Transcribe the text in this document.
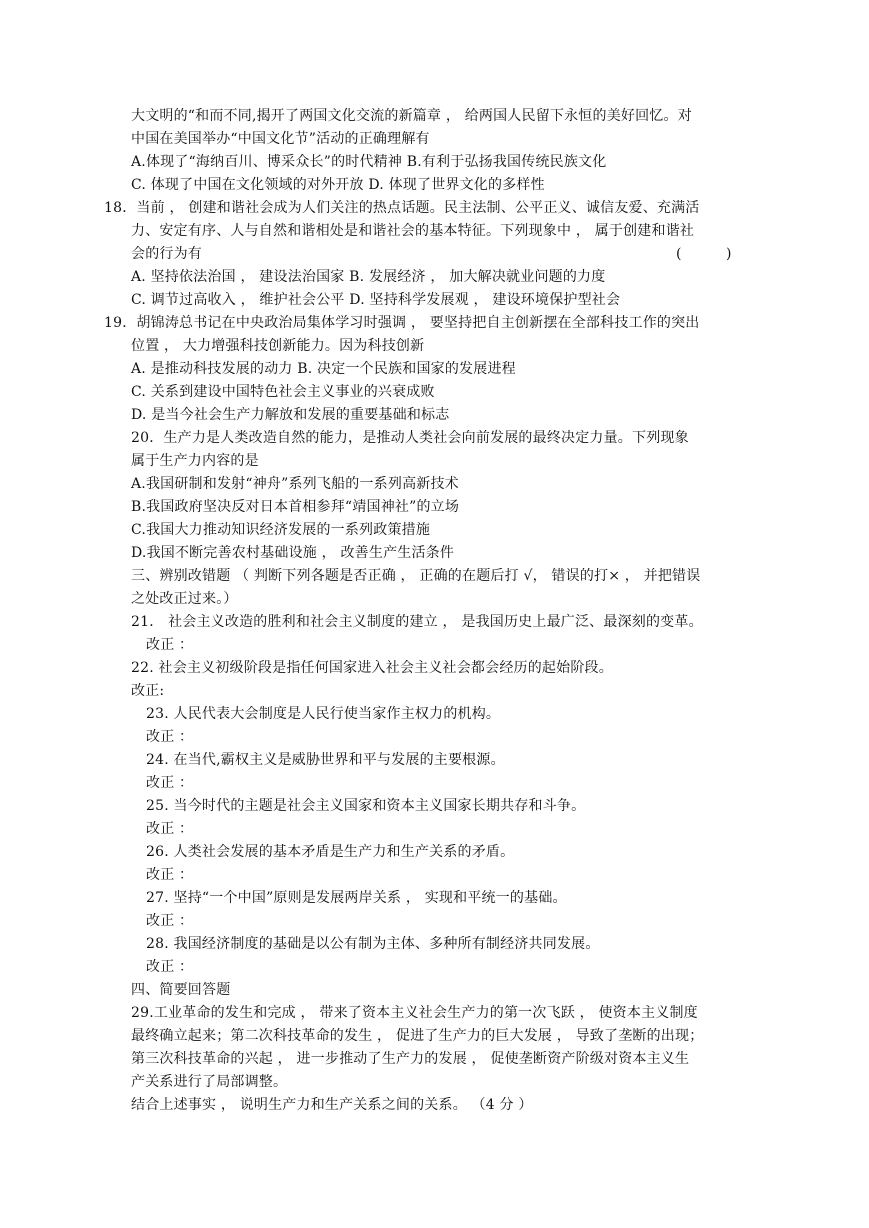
大文明的“和而不同,揭开了两国文化交流的新篇章 ， 给两国人民留下永恒的美好回忆。对
中国在美国举办“中国文化节”活动的正确理解有
A.体现了“海纳百川、博采众长”的时代精神 B.有利于弘扬我国传统民族文化
C. 体现了中国在文化领域的对外开放 D. 体现了世界文化的多样性
18．当前 ， 创建和谐社会成为人们关注的热点话题。民主法制、公平正义、诚信友爱、充满活
力、安定有序、人与自然和谐相处是和谐社会的基本特征。下列现象中 ， 属于创建和谐社
会的行为有	(          )
A. 坚持依法治国 ， 建设法治国家 B. 发展经济 ， 加大解决就业问题的力度
C. 调节过高收入 ， 维护社会公平 D. 坚持科学发展观 ， 建设环境保护型社会
19．胡锦涛总书记在中央政治局集体学习时强调 ， 要坚持把自主创新摆在全部科技工作的突出
位置 ， 大力增强科技创新能力。因为科技创新
A. 是推动科技发展的动力 B. 决定一个民族和国家的发展进程
C. 关系到建设中国特色社会主义事业的兴衰成败
D. 是当今社会生产力解放和发展的重要基础和标志
20．生产力是人类改造自然的能力，是推动人类社会向前发展的最终决定力量。下列现象
属于生产力内容的是
A.我国研制和发射“神舟”系列飞船的一系列高新技术
B.我国政府坚决反对日本首相参拜“靖国神社”的立场
C.我国大力推动知识经济发展的一系列政策措施
D.我国不断完善农村基础设施 ， 改善生产生活条件
三、辨别改错题 （ 判断下列各题是否正确 ， 正确的在题后打 √， 错误的打× ， 并把错误
之处改正过来。）
21． 社会主义改造的胜利和社会主义制度的建立 ， 是我国历史上最广泛、最深刻的变革。
改正 ：
22. 社会主义初级阶段是指任何国家进入社会主义社会都会经历的起始阶段。
改正:
23. 人民代表大会制度是人民行使当家作主权力的机构。
改正 ：
24. 在当代,霸权主义是威胁世界和平与发展的主要根源。
改正 ：
25. 当今时代的主题是社会主义国家和资本主义国家长期共存和斗争。
改正 ：
26. 人类社会发展的基本矛盾是生产力和生产关系的矛盾。
改正 ：
27. 坚持“一个中国”原则是发展两岸关系 ， 实现和平统一的基础。
改正 ：
28. 我国经济制度的基础是以公有制为主体、多种所有制经济共同发展。
改正 ：
四、简要回答题
29.工业革命的发生和完成 ， 带来了资本主义社会生产力的第一次飞跃 ， 使资本主义制度
最终确立起来；第二次科技革命的发生 ， 促进了生产力的巨大发展 ， 导致了垄断的出现；
第三次科技革命的兴起 ， 进一步推动了生产力的发展 ， 促使垄断资产阶级对资本主义生
产关系进行了局部调整。
结合上述事实 ， 说明生产力和生产关系之间的关系。 （4 分 ）
